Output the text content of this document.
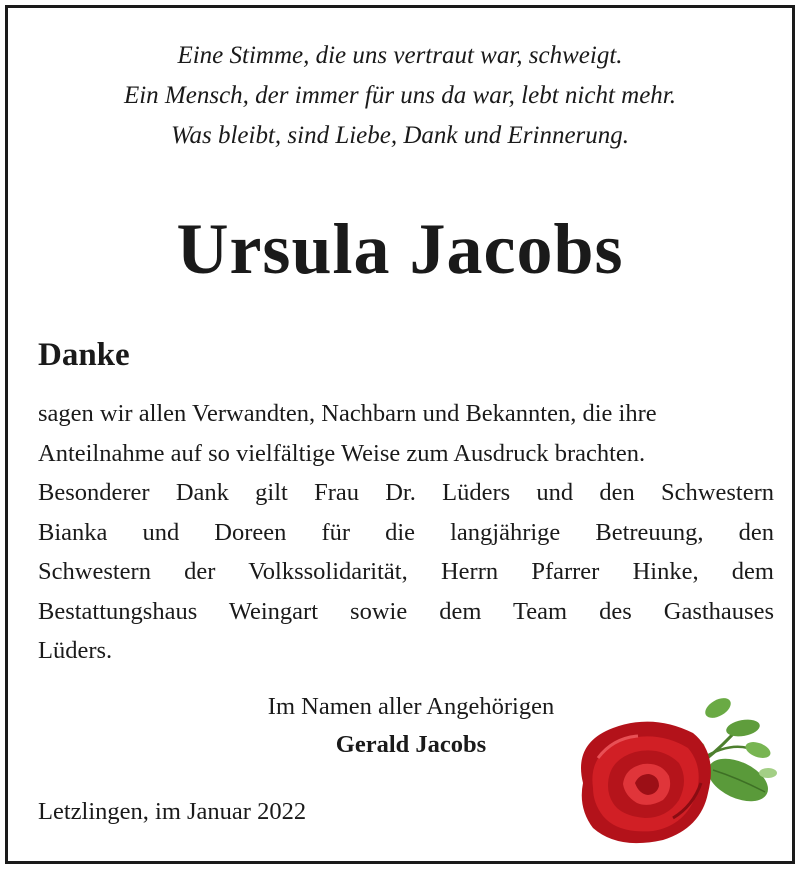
Eine Stimme, die uns vertraut war, schweigt.
Ein Mensch, der immer für uns da war, lebt nicht mehr.
Was bleibt, sind Liebe, Dank und Erinnerung.
Ursula Jacobs
Danke
sagen wir allen Verwandten, Nachbarn und Bekannten, die ihre
Anteilnahme auf so vielfältige Weise zum Ausdruck brachten.
Besonderer Dank gilt Frau Dr. Lüders und den Schwestern
Bianka und Doreen für die langjährige Betreuung, den
Schwestern der Volkssolidarität, Herrn Pfarrer Hinke, dem
Bestattungshaus Weingart sowie dem Team des Gasthauses
Lüders.
Im Namen aller Angehörigen
Gerald Jacobs
Letzlingen, im Januar 2022
